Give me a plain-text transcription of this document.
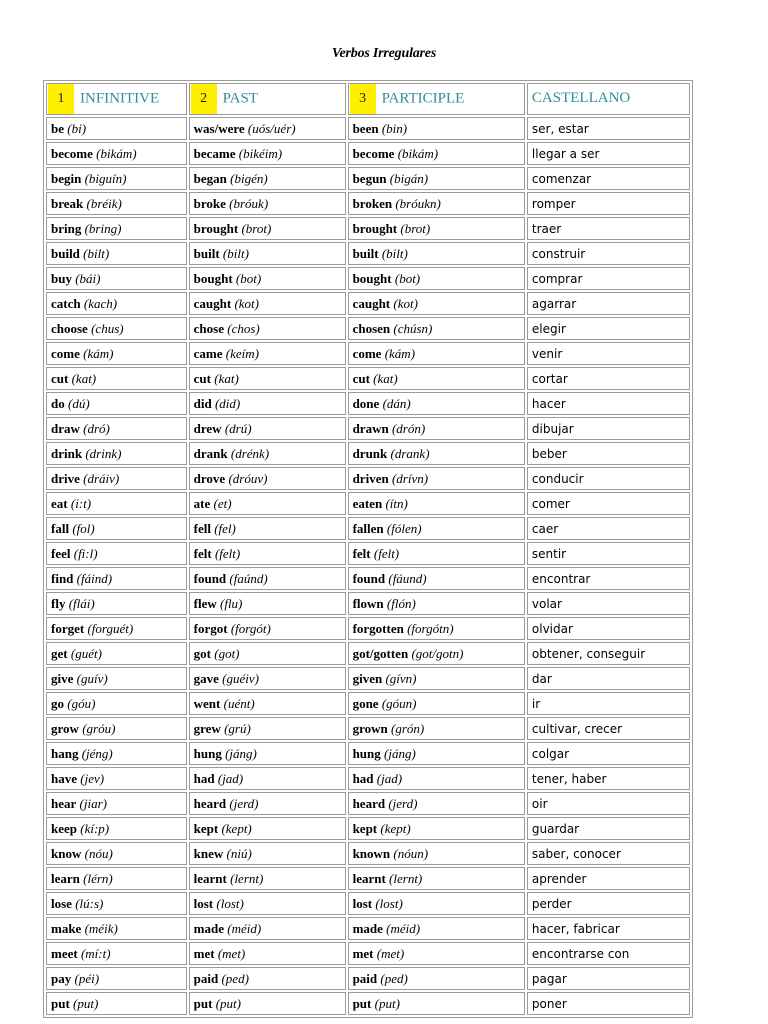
Verbos Irregulares
1 INFINITIVE	2 PAST	3 PARTICIPLE	CASTELLANO
be (bi)	was/were (uós/uér)	been (bin)	ser, estar
become (bikám)	became (bikéim)	become (bikám)	llegar a ser
begin (biguín)	began (bigén)	begun (bigán)	comenzar
break (bréik)	broke (bróuk)	broken (bróukn)	romper
bring (bring)	brought (brot)	brought (brot)	traer
build (bilt)	built (bilt)	built (bilt)	construir
buy (bái)	bought (bot)	bought (bot)	comprar
catch (kach)	caught (kot)	caught (kot)	agarrar
choose (chus)	chose (chos)	chosen (chúsn)	elegir
come (kám)	came (keím)	come (kám)	venir
cut (kat)	cut (kat)	cut (kat)	cortar
do (dú)	did (did)	done (dán)	hacer
draw (dró)	drew (drú)	drawn (drón)	dibujar
drink (drink)	drank (drénk)	drunk (drank)	beber
drive (dráiv)	drove (dróuv)	driven (drívn)	conducir
eat (i:t)	ate (et)	eaten (ítn)	comer
fall (fol)	fell (fel)	fallen (fólen)	caer
feel (fi:l)	felt (felt)	felt (felt)	sentir
find (fáind)	found (faúnd)	found (fáund)	encontrar
fly (flái)	flew (flu)	flown (flón)	volar
forget (forguét)	forgot (forgót)	forgotten (forgótn)	olvidar
get (guét)	got (got)	got/gotten (got/gotn)	obtener, conseguir
give (guív)	gave (guéiv)	given (gívn)	dar
go (góu)	went (uént)	gone (góun)	ir
grow (gróu)	grew (grú)	grown (grón)	cultivar, crecer
hang (jéng)	hung (jáng)	hung (jáng)	colgar
have (jev)	had (jad)	had (jad)	tener, haber
hear (jiar)	heard (jerd)	heard (jerd)	oir
keep (kí:p)	kept (kept)	kept (kept)	guardar
know (nóu)	knew (niú)	known (nóun)	saber, conocer
learn (lérn)	learnt (lernt)	learnt (lernt)	aprender
lose (lú:s)	lost (lost)	lost (lost)	perder
make (méik)	made (méid)	made (méid)	hacer, fabricar
meet (mí:t)	met (met)	met (met)	encontrarse con
pay (péi)	paid (ped)	paid (ped)	pagar
put (put)	put (put)	put (put)	poner
